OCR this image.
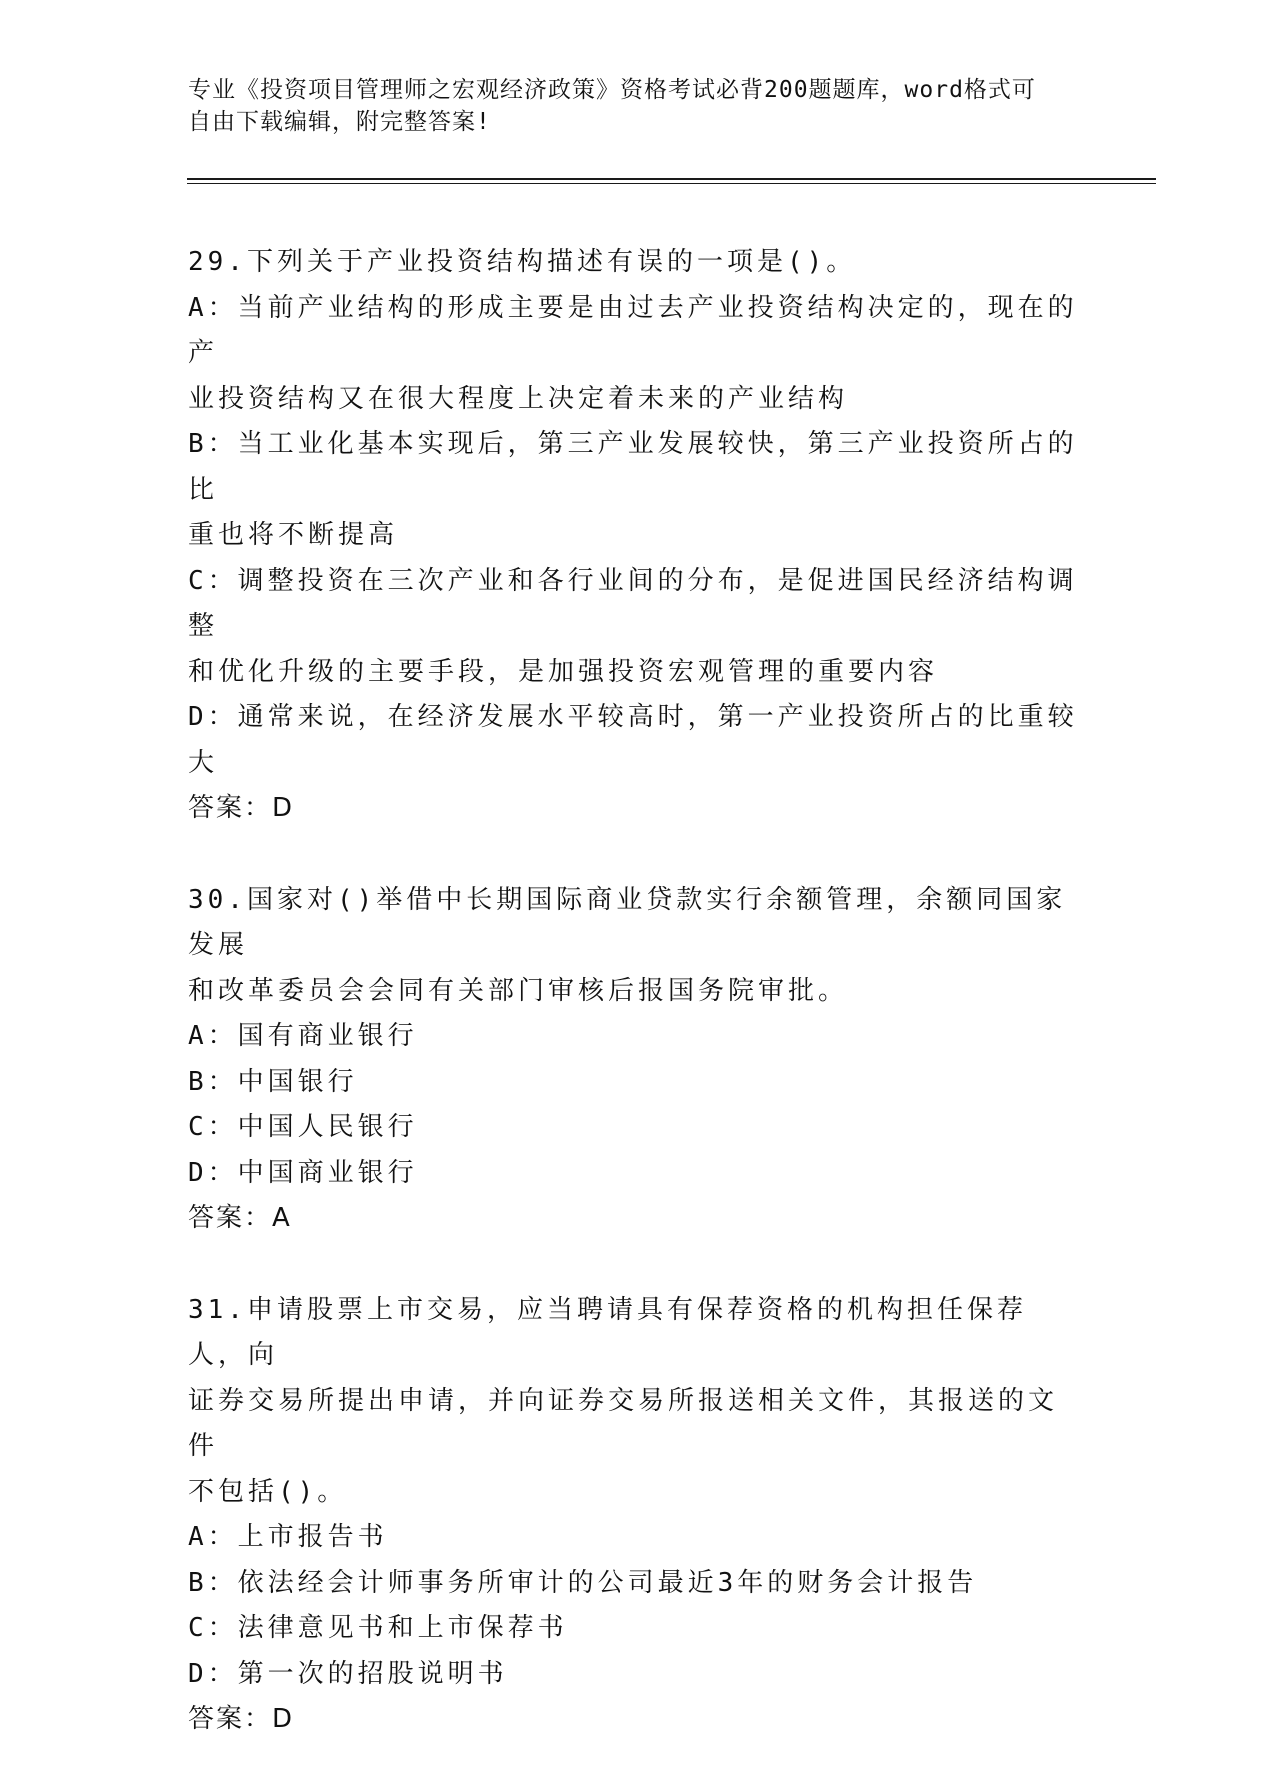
专业《投资项目管理师之宏观经济政策》资格考试必背200题题库，word格式可
自由下载编辑，附完整答案!
29.下列关于产业投资结构描述有误的一项是()。
A：当前产业结构的形成主要是由过去产业投资结构决定的，现在的产
业投资结构又在很大程度上决定着未来的产业结构
B：当工业化基本实现后，第三产业发展较快，第三产业投资所占的比
重也将不断提高
C：调整投资在三次产业和各行业间的分布，是促进国民经济结构调整
和优化升级的主要手段，是加强投资宏观管理的重要内容
D：通常来说，在经济发展水平较高时，第一产业投资所占的比重较大
答案：D
30.国家对()举借中长期国际商业贷款实行余额管理，余额同国家发展
和改革委员会会同有关部门审核后报国务院审批。
A：国有商业银行
B：中国银行
C：中国人民银行
D：中国商业银行
答案：A
31.申请股票上市交易，应当聘请具有保荐资格的机构担任保荐人，向
证券交易所提出申请，并向证券交易所报送相关文件，其报送的文件
不包括()。
A：上市报告书
B：依法经会计师事务所审计的公司最近3年的财务会计报告
C：法律意见书和上市保荐书
D：第一次的招股说明书
答案：D
